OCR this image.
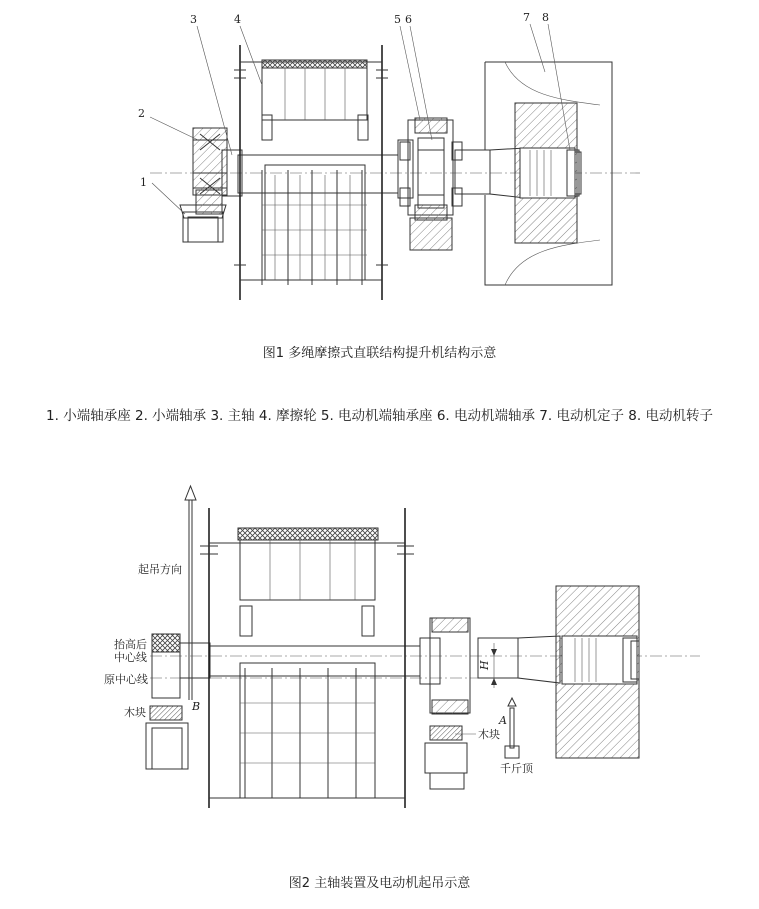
1
2
3	4	5 6	7 8
图1 多绳摩擦式直联结构提升机结构示意
1. 小端轴承座 2. 小端轴承 3. 主轴 4. 摩擦轮 5. 电动机端轴承座 6. 电动机端轴承 7. 电动机定子 8. 电动机转子
起吊方向
抬高后中心线
原中心线
木块	B
A
H
木块
千斤顶
图2 主轴装置及电动机起吊示意
